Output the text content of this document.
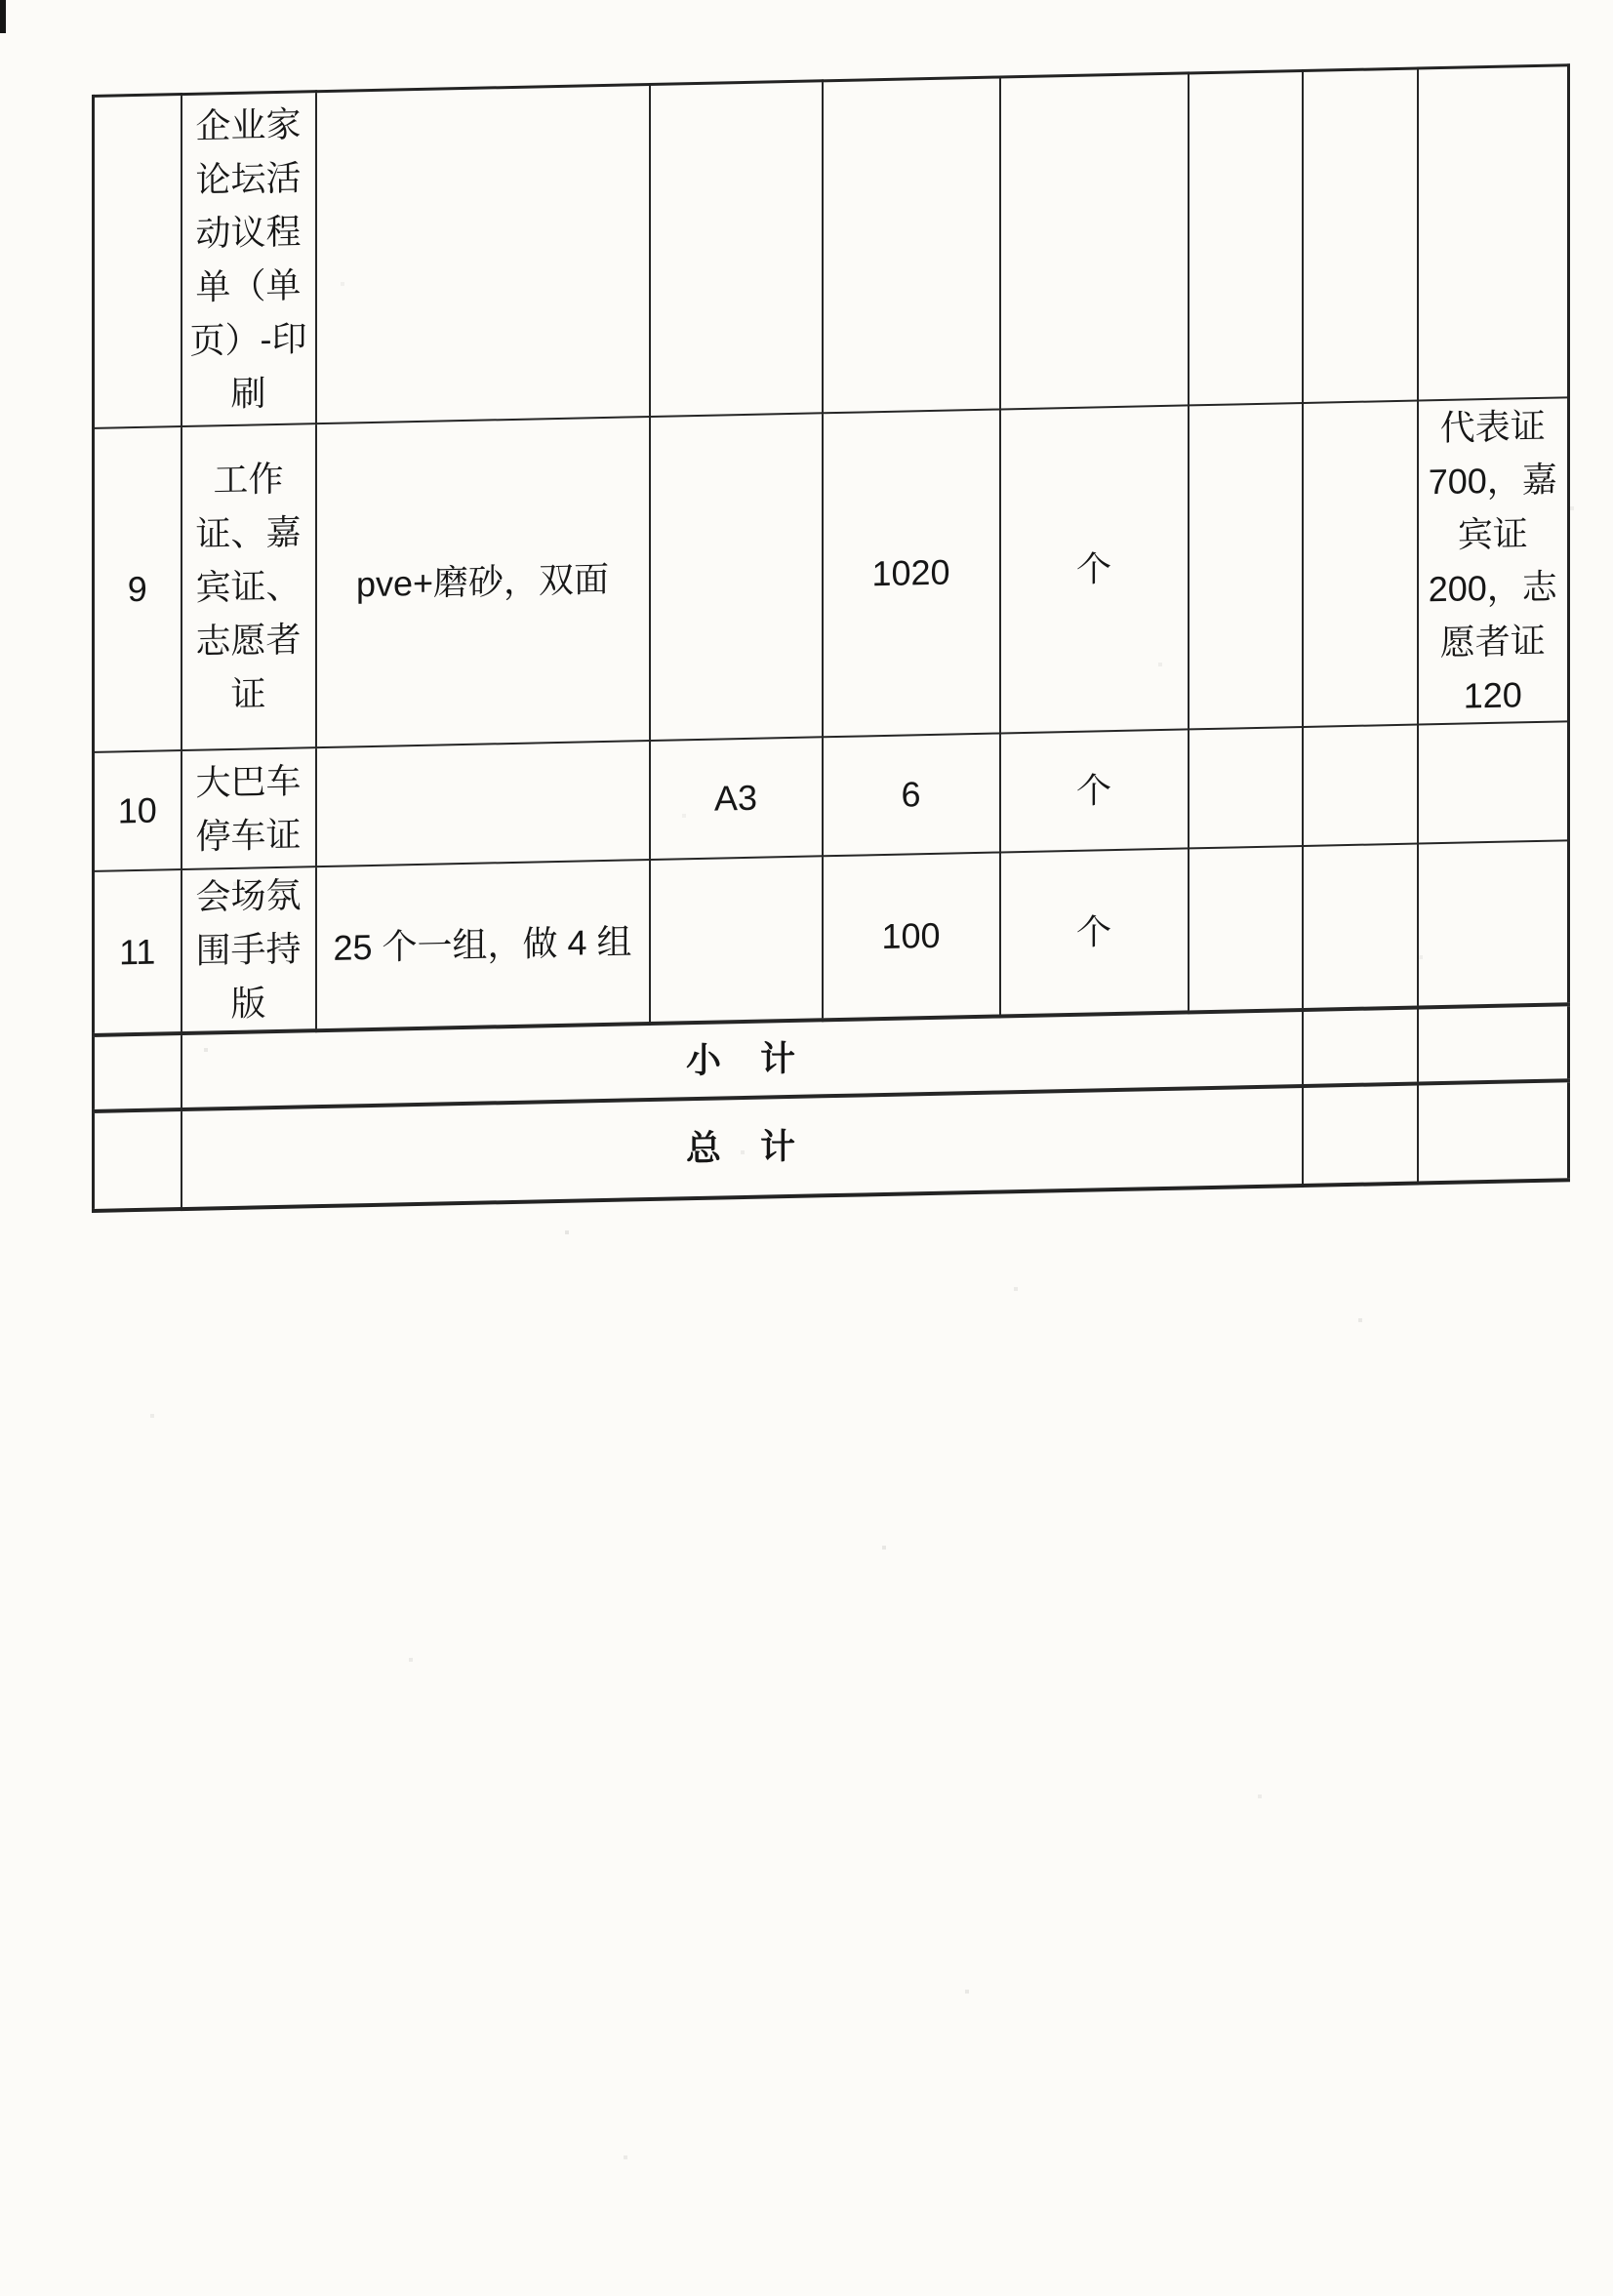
	企业家论坛活动议程单（单页）-印刷							
9	工作证、嘉宾证、志愿者证	pve+磨砂，双面		1020	个			代表证 700，嘉宾证 200，志愿者证 120
10	大巴车停车证		A3	6	个			
11	会场氛围手持版	25 个一组，做 4 组		100	个			
	小　计							
	总　计							
